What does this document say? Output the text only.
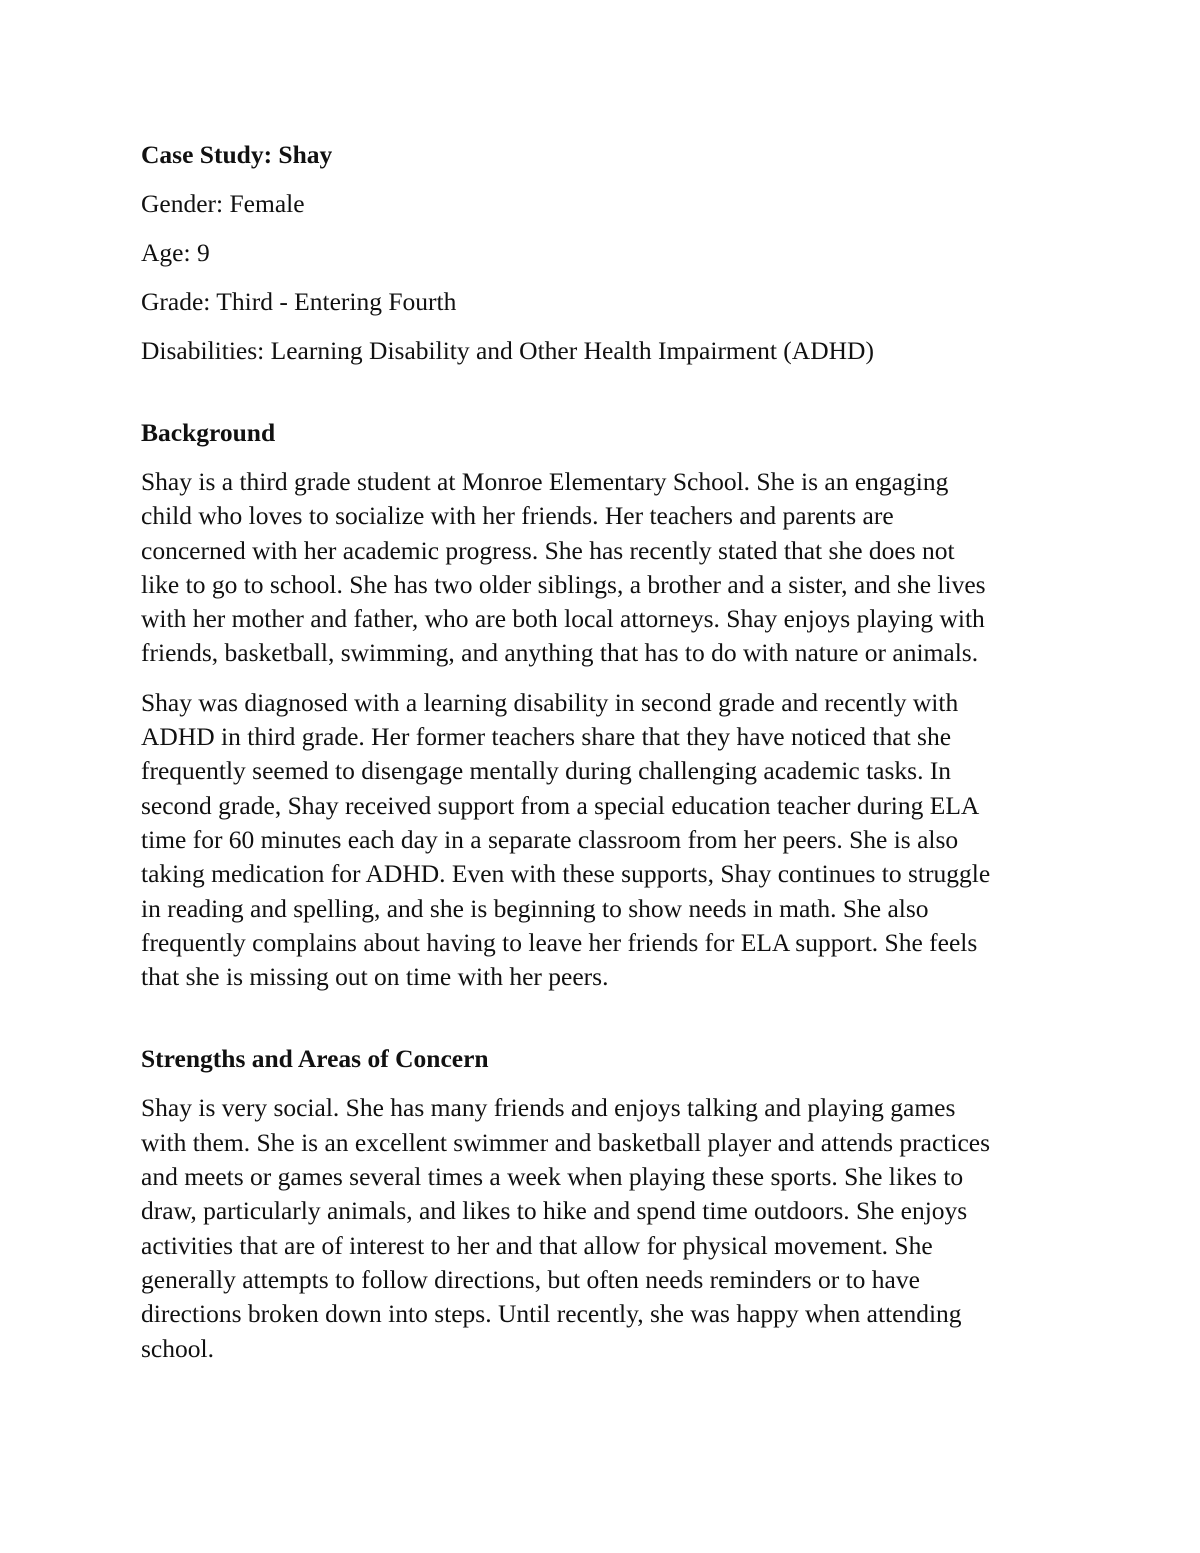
Case Study: Shay
Gender: Female
Age: 9
Grade: Third - Entering Fourth
Disabilities: Learning Disability and Other Health Impairment (ADHD)
Background
Shay is a third grade student at Monroe Elementary School. She is an engaging
child who loves to socialize with her friends. Her teachers and parents are
concerned with her academic progress. She has recently stated that she does not
like to go to school. She has two older siblings, a brother and a sister, and she lives
with her mother and father, who are both local attorneys. Shay enjoys playing with
friends, basketball, swimming, and anything that has to do with nature or animals.
Shay was diagnosed with a learning disability in second grade and recently with
ADHD in third grade. Her former teachers share that they have noticed that she
frequently seemed to disengage mentally during challenging academic tasks. In
second grade, Shay received support from a special education teacher during ELA
time for 60 minutes each day in a separate classroom from her peers. She is also
taking medication for ADHD. Even with these supports, Shay continues to struggle
in reading and spelling, and she is beginning to show needs in math. She also
frequently complains about having to leave her friends for ELA support. She feels
that she is missing out on time with her peers.
Strengths and Areas of Concern
Shay is very social. She has many friends and enjoys talking and playing games
with them. She is an excellent swimmer and basketball player and attends practices
and meets or games several times a week when playing these sports. She likes to
draw, particularly animals, and likes to hike and spend time outdoors. She enjoys
activities that are of interest to her and that allow for physical movement. She
generally attempts to follow directions, but often needs reminders or to have
directions broken down into steps. Until recently, she was happy when attending
school.
